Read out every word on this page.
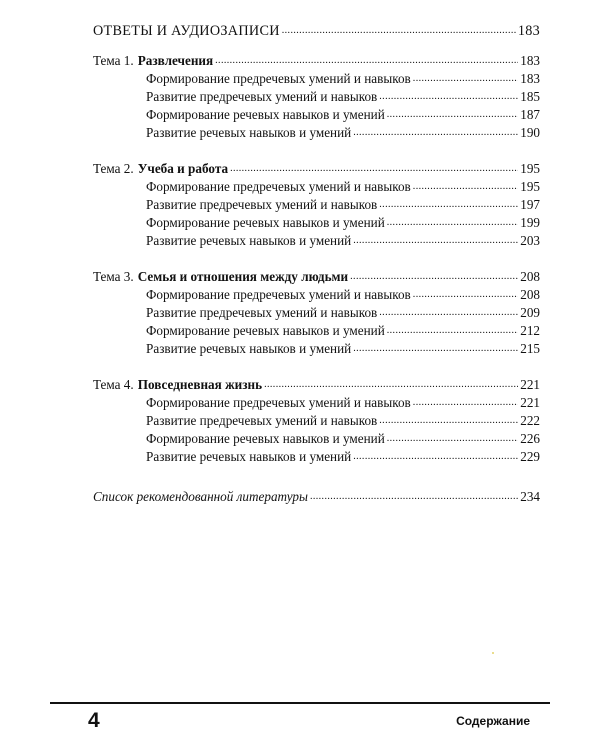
ОТВЕТЫ И АУДИОЗАПИСИ .....	183
Тема 1. Развлечения .....	183
Формирование предречевых умений и навыков .....	183
Развитие предречевых умений и навыков .....	185
Формирование речевых навыков и умений .....	187
Развитие речевых навыков и умений .....	190
Тема 2. Учеба и работа .....	195
Формирование предречевых умений и навыков .....	195
Развитие предречевых умений и навыков .....	197
Формирование речевых навыков и умений .....	199
Развитие речевых навыков и умений .....	203
Тема 3. Семья и отношения между людьми .....	208
Формирование предречевых умений и навыков .....	208
Развитие предречевых умений и навыков .....	209
Формирование речевых навыков и умений .....	212
Развитие речевых навыков и умений .....	215
Тема 4. Повседневная жизнь .....	221
Формирование предречевых умений и навыков .....	221
Развитие предречевых умений и навыков .....	222
Формирование речевых навыков и умений .....	226
Развитие речевых навыков и умений .....	229
Список рекомендованной литературы .....	234
4	Содержание
